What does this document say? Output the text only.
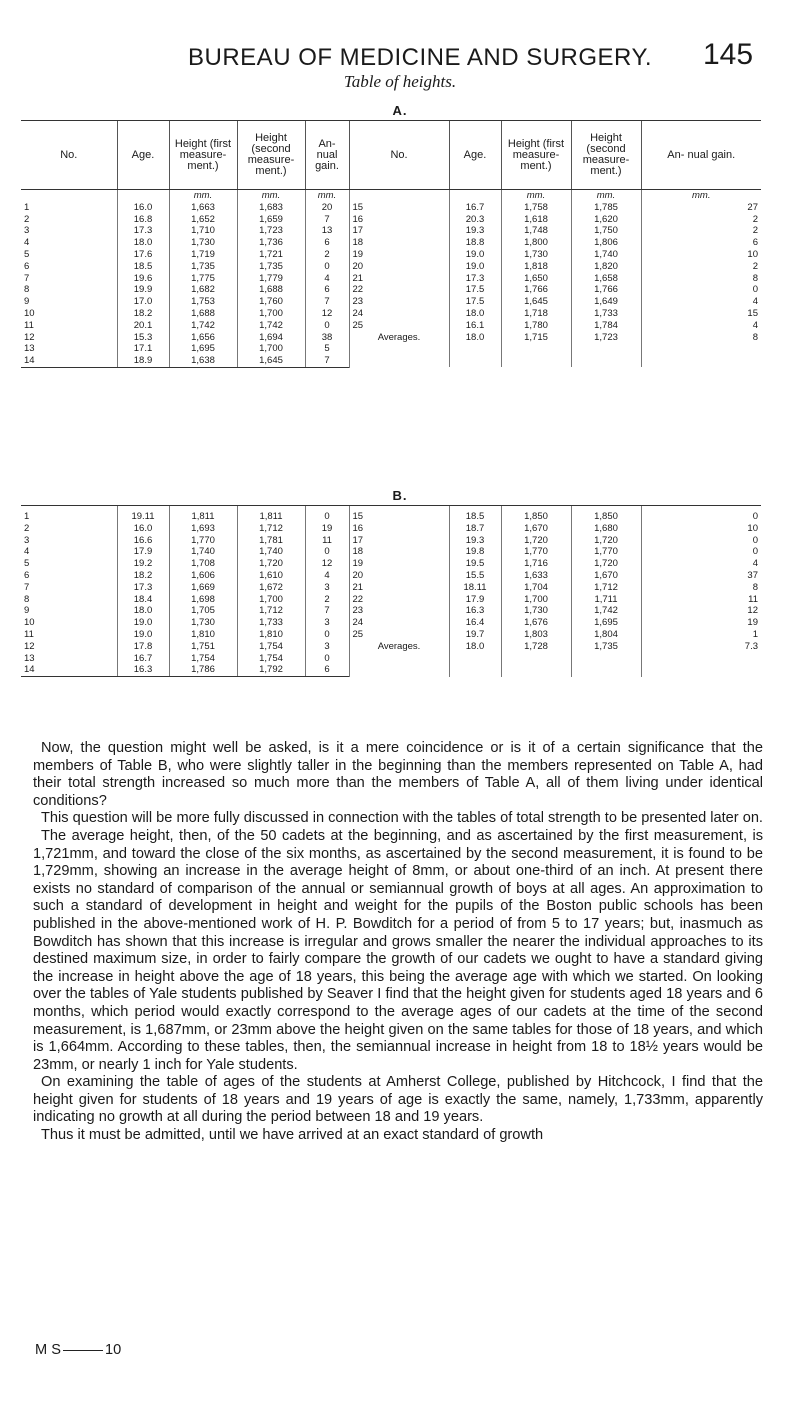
BUREAU OF MEDICINE AND SURGERY. 145
Table of heights.
A.
No.	Age.	Height (first measure- ment.)	Height (second measure- ment.)	An- nual gain.	No.	Age.	Height (first measure- ment.)	Height (second measure- ment.)	An- nual gain.
		mm.	mm.	mm.			mm.	mm.	mm.
1	16.0	1,663	1,683	20	15	16.7	1,758	1,785	27
2	16.8	1,652	1,659	7	16	20.3	1,618	1,620	2
3	17.3	1,710	1,723	13	17	19.3	1,748	1,750	2
4	18.0	1,730	1,736	6	18	18.8	1,800	1,806	6
5	17.6	1,719	1,721	2	19	19.0	1,730	1,740	10
6	18.5	1,735	1,735	0	20	19.0	1,818	1,820	2
7	19.6	1,775	1,779	4	21	17.3	1,650	1,658	8
8	19.9	1,682	1,688	6	22	17.5	1,766	1,766	0
9	17.0	1,753	1,760	7	23	17.5	1,645	1,649	4
10	18.2	1,688	1,700	12	24	18.0	1,718	1,733	15
11	20.1	1,742	1,742	0	25	16.1	1,780	1,784	4
12	15.3	1,656	1,694	38	Averages.	18.0	1,715	1,723	8
13	17.1	1,695	1,700	5					
14	18.9	1,638	1,645	7					
B.
1	19.11	1,811	1,811	0	15	18.5	1,850	1,850	0
2	16.0	1,693	1,712	19	16	18.7	1,670	1,680	10
3	16.6	1,770	1,781	11	17	19.3	1,720	1,720	0
4	17.9	1,740	1,740	0	18	19.8	1,770	1,770	0
5	19.2	1,708	1,720	12	19	19.5	1,716	1,720	4
6	18.2	1,606	1,610	4	20	15.5	1,633	1,670	37
7	17.3	1,669	1,672	3	21	18.11	1,704	1,712	8
8	18.4	1,698	1,700	2	22	17.9	1,700	1,711	11
9	18.0	1,705	1,712	7	23	16.3	1,730	1,742	12
10	19.0	1,730	1,733	3	24	16.4	1,676	1,695	19
11	19.0	1,810	1,810	0	25	19.7	1,803	1,804	1
12	17.8	1,751	1,754	3	Averages.	18.0	1,728	1,735	7.3
13	16.7	1,754	1,754	0					
14	16.3	1,786	1,792	6					

Now, the question might well be asked, is it a mere coincidence or is it of a certain significance that the members of Table B, who were slightly taller in the beginning than the members represented on Table A, had their total strength increased so much more than the members of Table A, all of them living under identical conditions?

This question will be more fully discussed in connection with the tables of total strength to be presented later on.

The average height, then, of the 50 cadets at the beginning, and as ascertained by the first measurement, is 1,721mm, and toward the close of the six months, as ascertained by the second measurement, it is found to be 1,729mm, showing an increase in the average height of 8mm, or about one-third of an inch. At present there exists no standard of comparison of the annual or semiannual growth of boys at all ages. An approximation to such a standard of development in height and weight for the pupils of the Boston public schools has been published in the above-mentioned work of H. P. Bowditch for a period of from 5 to 17 years; but, inasmuch as Bowditch has shown that this increase is irregular and grows smaller the nearer the individual approaches to its destined maximum size, in order to fairly compare the growth of our cadets we ought to have a standard giving the increase in height above the age of 18 years, this being the average age with which we started. On looking over the tables of Yale students published by Seaver I find that the height given for students aged 18 years and 6 months, which period would exactly correspond to the average ages of our cadets at the time of the second measurement, is 1,687mm, or 23mm above the height given on the same tables for those of 18 years, and which is 1,664mm. According to these tables, then, the semiannual increase in height from 18 to 18½ years would be 23mm, or nearly 1 inch for Yale students.

On examining the table of ages of the students at Amherst College, published by Hitchcock, I find that the height given for students of 18 years and 19 years of age is exactly the same, namely, 1,733mm, apparently indicating no growth at all during the period between 18 and 19 years.

Thus it must be admitted, until we have arrived at an exact standard of growth

M S	10
